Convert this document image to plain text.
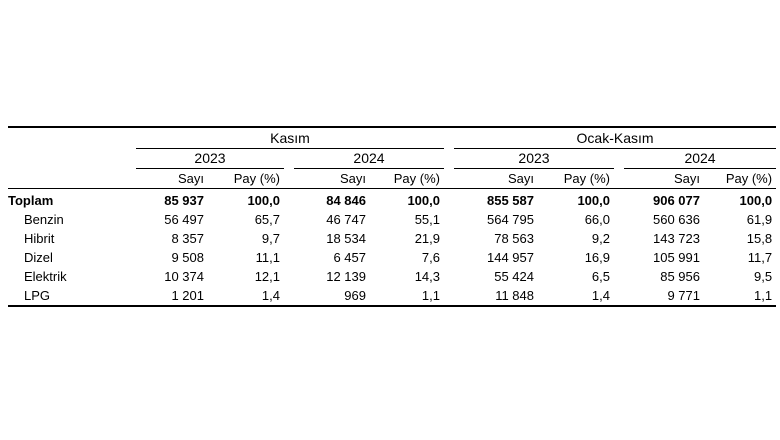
	Kasım						Ocak-Kasım				
	2023			2024			2023			2024	
	Sayı	Pay (%)		Sayı	Pay (%)		Sayı	Pay (%)		Sayı	Pay (%)
Toplam	85 937	100,0		84 846	100,0		855 587	100,0		906 077	100,0
Benzin	56 497	65,7		46 747	55,1		564 795	66,0		560 636	61,9
Hibrit	8 357	9,7		18 534	21,9		78 563	9,2		143 723	15,8
Dizel	9 508	11,1		6 457	7,6		144 957	16,9		105 991	11,7
Elektrik	10 374	12,1		12 139	14,3		55 424	6,5		85 956	9,5
LPG	1 201	1,4		969	1,1		11 848	1,4		9 771	1,1
